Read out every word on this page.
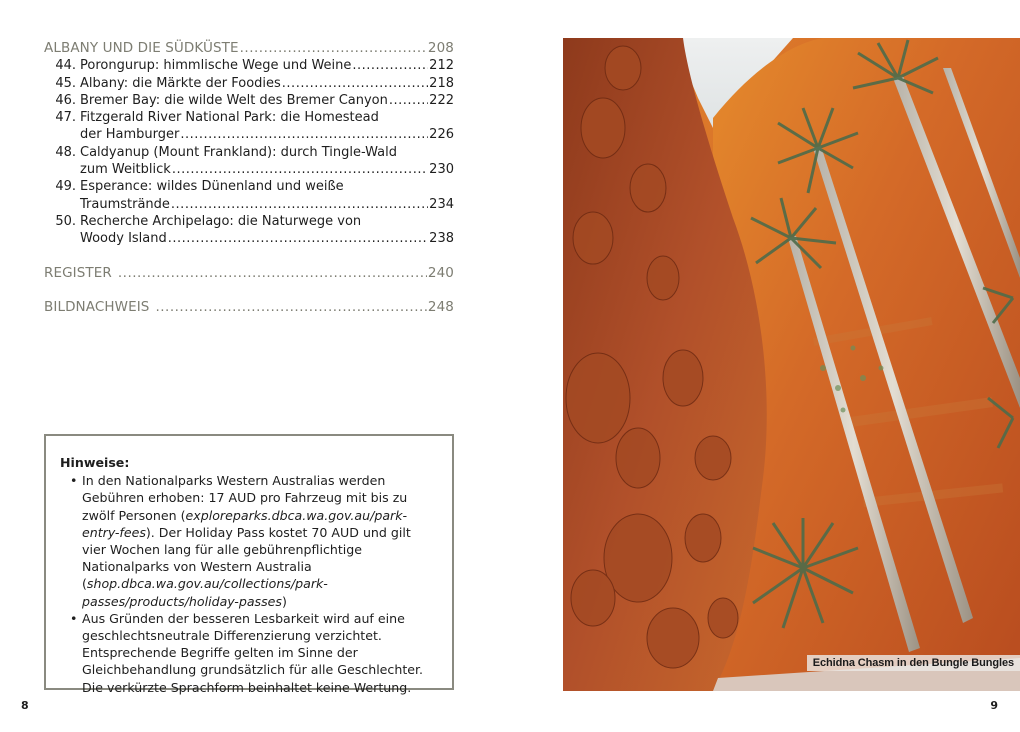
ALBANY UND DIE SÜDKÜSTE .....	208
44. Porongurup: himmlische Wege und Weine .....	212
45. Albany: die Märkte der Foodies .....	218
46. Bremer Bay: die wilde Welt des Bremer Canyon .....	222
47. Fitzgerald River National Park: die Homestead
der Hamburger .....	226
48. Caldyanup (Mount Frankland): durch Tingle-Wald
zum Weitblick .....	230
49. Esperance: wildes Dünenland und weiße
Traumstrände .....	234
50. Recherche Archipelago: die Naturwege von
Woody Island .....	238
REGISTER .....	240
BILDNACHWEIS .....	248
Hinweise:
• In den Nationalparks Western Australias werden Gebühren erhoben: 17 AUD pro Fahrzeug mit bis zu zwölf Personen (exploreparks.dbca.wa.gov.au/park-entry-fees). Der Holiday Pass kostet 70 AUD und gilt vier Wochen lang für alle gebührenpflichtige Nationalparks von Western Australia (shop.dbca.wa.gov.au/collections/park-passes/products/holiday-passes)
• Aus Gründen der besseren Lesbarkeit wird auf eine geschlechtsneutrale Differenzierung verzichtet. Entsprechende Begriffe gelten im Sinne der Gleichbehandlung grundsätzlich für alle Geschlechter. Die verkürzte Sprachform beinhaltet keine Wertung.
8
Echidna Chasm in den Bungle Bungles
9
